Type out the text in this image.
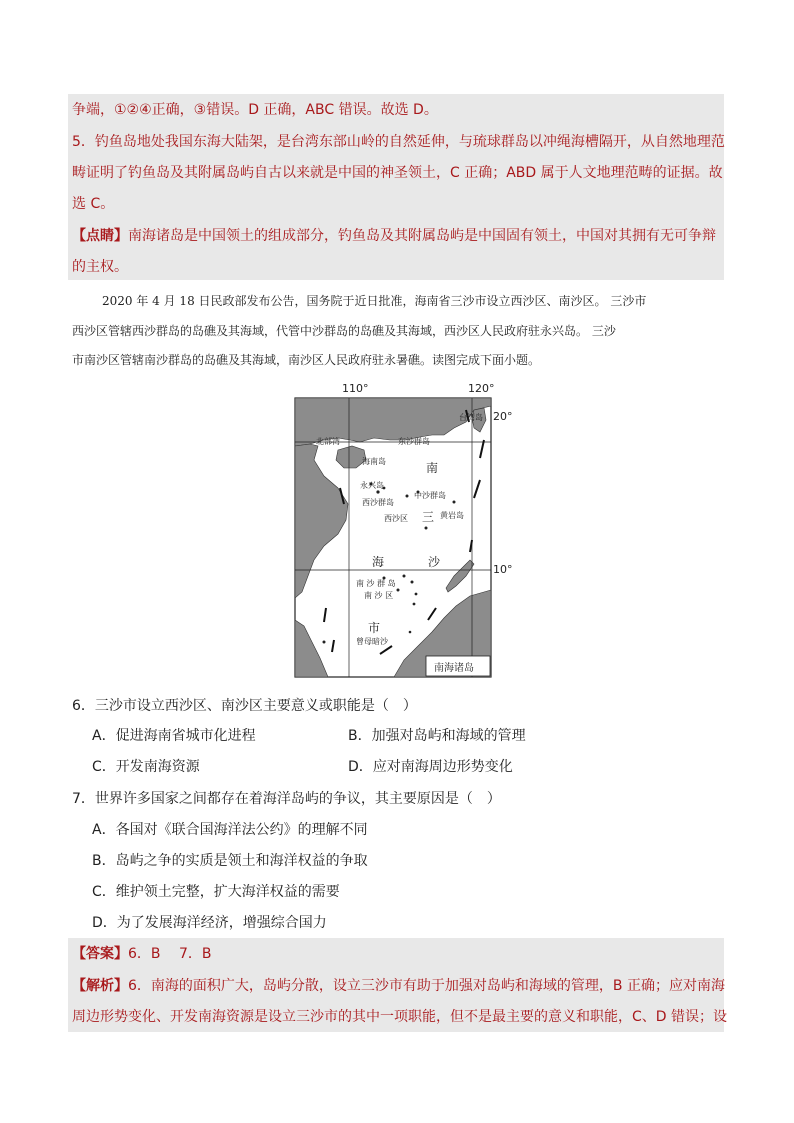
争端，①②④正确，③错误。D 正确，ABC 错误。故选 D。
5．钓鱼岛地处我国东海大陆架，是台湾东部山岭的自然延伸，与琉球群岛以冲绳海槽隔开，从自然地理范
畴证明了钓鱼岛及其附属岛屿自古以来就是中国的神圣领土，C 正确；ABD 属于人文地理范畴的证据。故
选 C。
【点睛】南海诸岛是中国领土的组成部分，钓鱼岛及其附属岛屿是中国固有领土，中国对其拥有无可争辩
的主权。
2020 年 4 月 18 日民政部发布公告，国务院于近日批准，海南省三沙市设立西沙区、南沙区。 三沙市
西沙区管辖西沙群岛的岛礁及其海域，代管中沙群岛的岛礁及其海域，西沙区人民政府驻永兴岛。 三沙
市南沙区管辖南沙群岛的岛礁及其海域，南沙区人民政府驻永暑礁。读图完成下面小题。
110°	120°
台湾岛
北部湾	东沙群岛
海南岛	南
永兴岛
西沙群岛
中沙群岛
西沙区 三 黄岩岛
海	沙
南 沙 群 岛
南 沙 区
市
曾母暗沙
20°
10°
南海诸岛
6．三沙市设立西沙区、南沙区主要意义或职能是（　）
A．促进海南省城市化进程	B．加强对岛屿和海域的管理
C．开发南海资源	D．应对南海周边形势变化
7．世界许多国家之间都存在着海洋岛屿的争议，其主要原因是（　）
A．各国对《联合国海洋法公约》的理解不同
B．岛屿之争的实质是领土和海洋权益的争取
C．维护领土完整，扩大海洋权益的需要
D．为了发展海洋经济，增强综合国力
【答案】6．B　 7．B
【解析】6．南海的面积广大，岛屿分散，设立三沙市有助于加强对岛屿和海域的管理，B 正确；应对南海
周边形势变化、开发南海资源是设立三沙市的其中一项职能，但不是最主要的意义和职能，C、D 错误；设
